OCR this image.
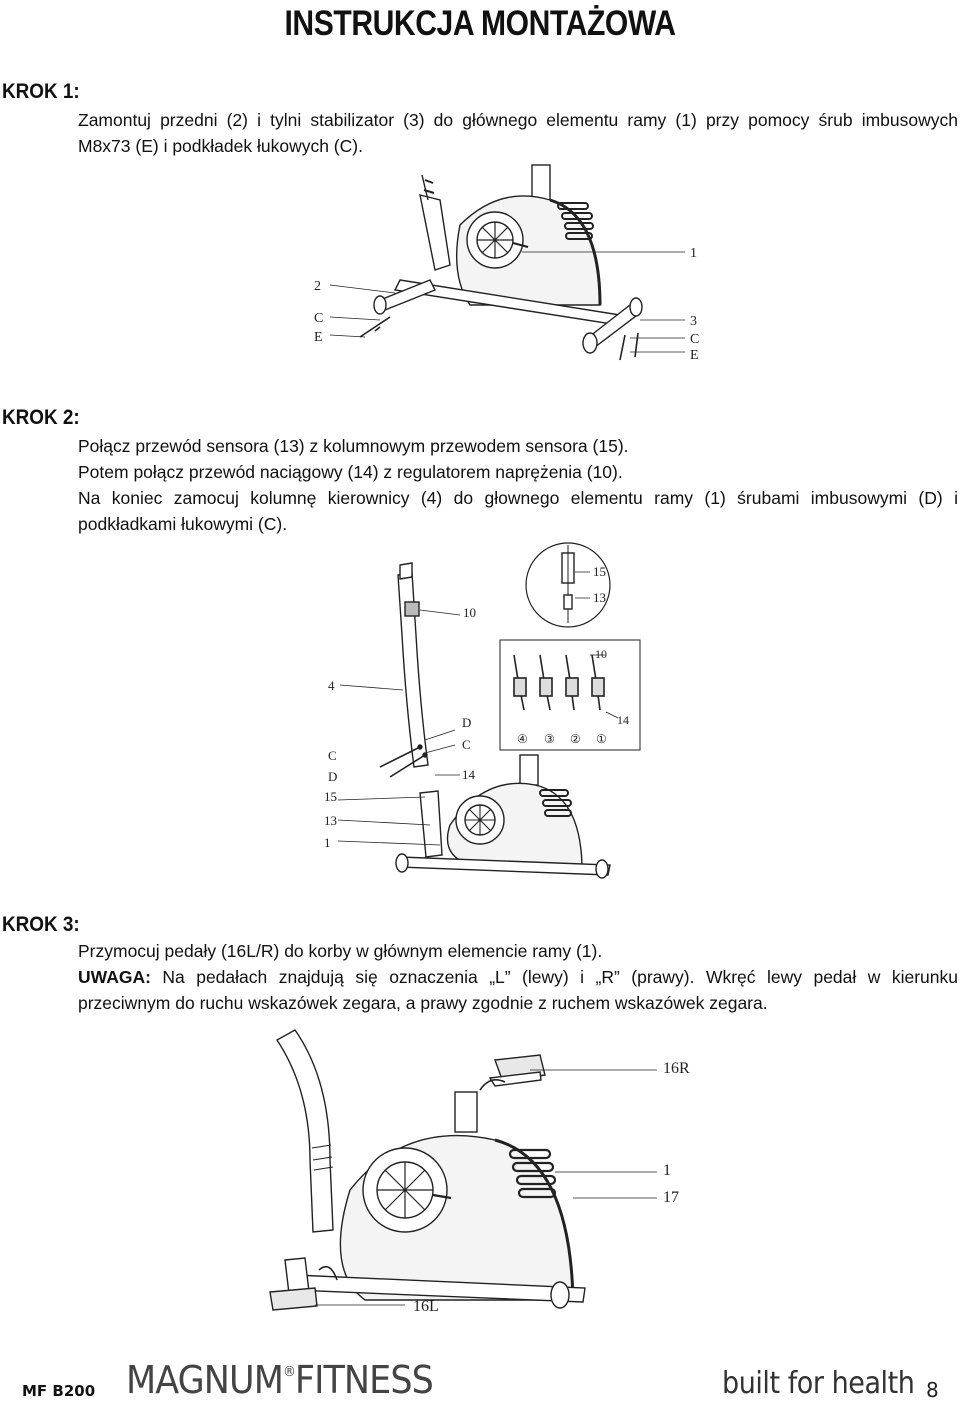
INSTRUKCJA MONTAŻOWA
KROK 1:

Zamontuj przedni (2) i tylni stabilizator (3) do głównego elementu ramy (1) przy pomocy śrub imbusowych

M8x73 (E) i podkładek łukowych (C).

1
2
C
E
3
C
E
KROK 2:

Połącz przewód sensora (13) z kolumnowym przewodem sensora (15).

Potem połącz przewód naciągowy (14) z regulatorem naprężenia (10).

Na koniec zamocuj kolumnę kierownicy (4) do głownego elementu ramy (1) śrubami imbusowymi (D) i

podkładkami łukowymi (C).

10
4
D
C
C
D	14
15
13
1
15
13
10
14
④ ③ ② ①
KROK 3:

Przymocuj pedały (16L/R) do korby w głównym elemencie ramy (1).

UWAGA: Na pedałach znajdują się oznaczenia „L” (lewy) i „R” (prawy). Wkręć lewy pedał w kierunku

przeciwnym do ruchu wskazówek zegara, a prawy zgodnie z ruchem wskazówek zegara.

16R
1
17
16L
MF B200 MAGNUM®FITNESS	built for health 8
